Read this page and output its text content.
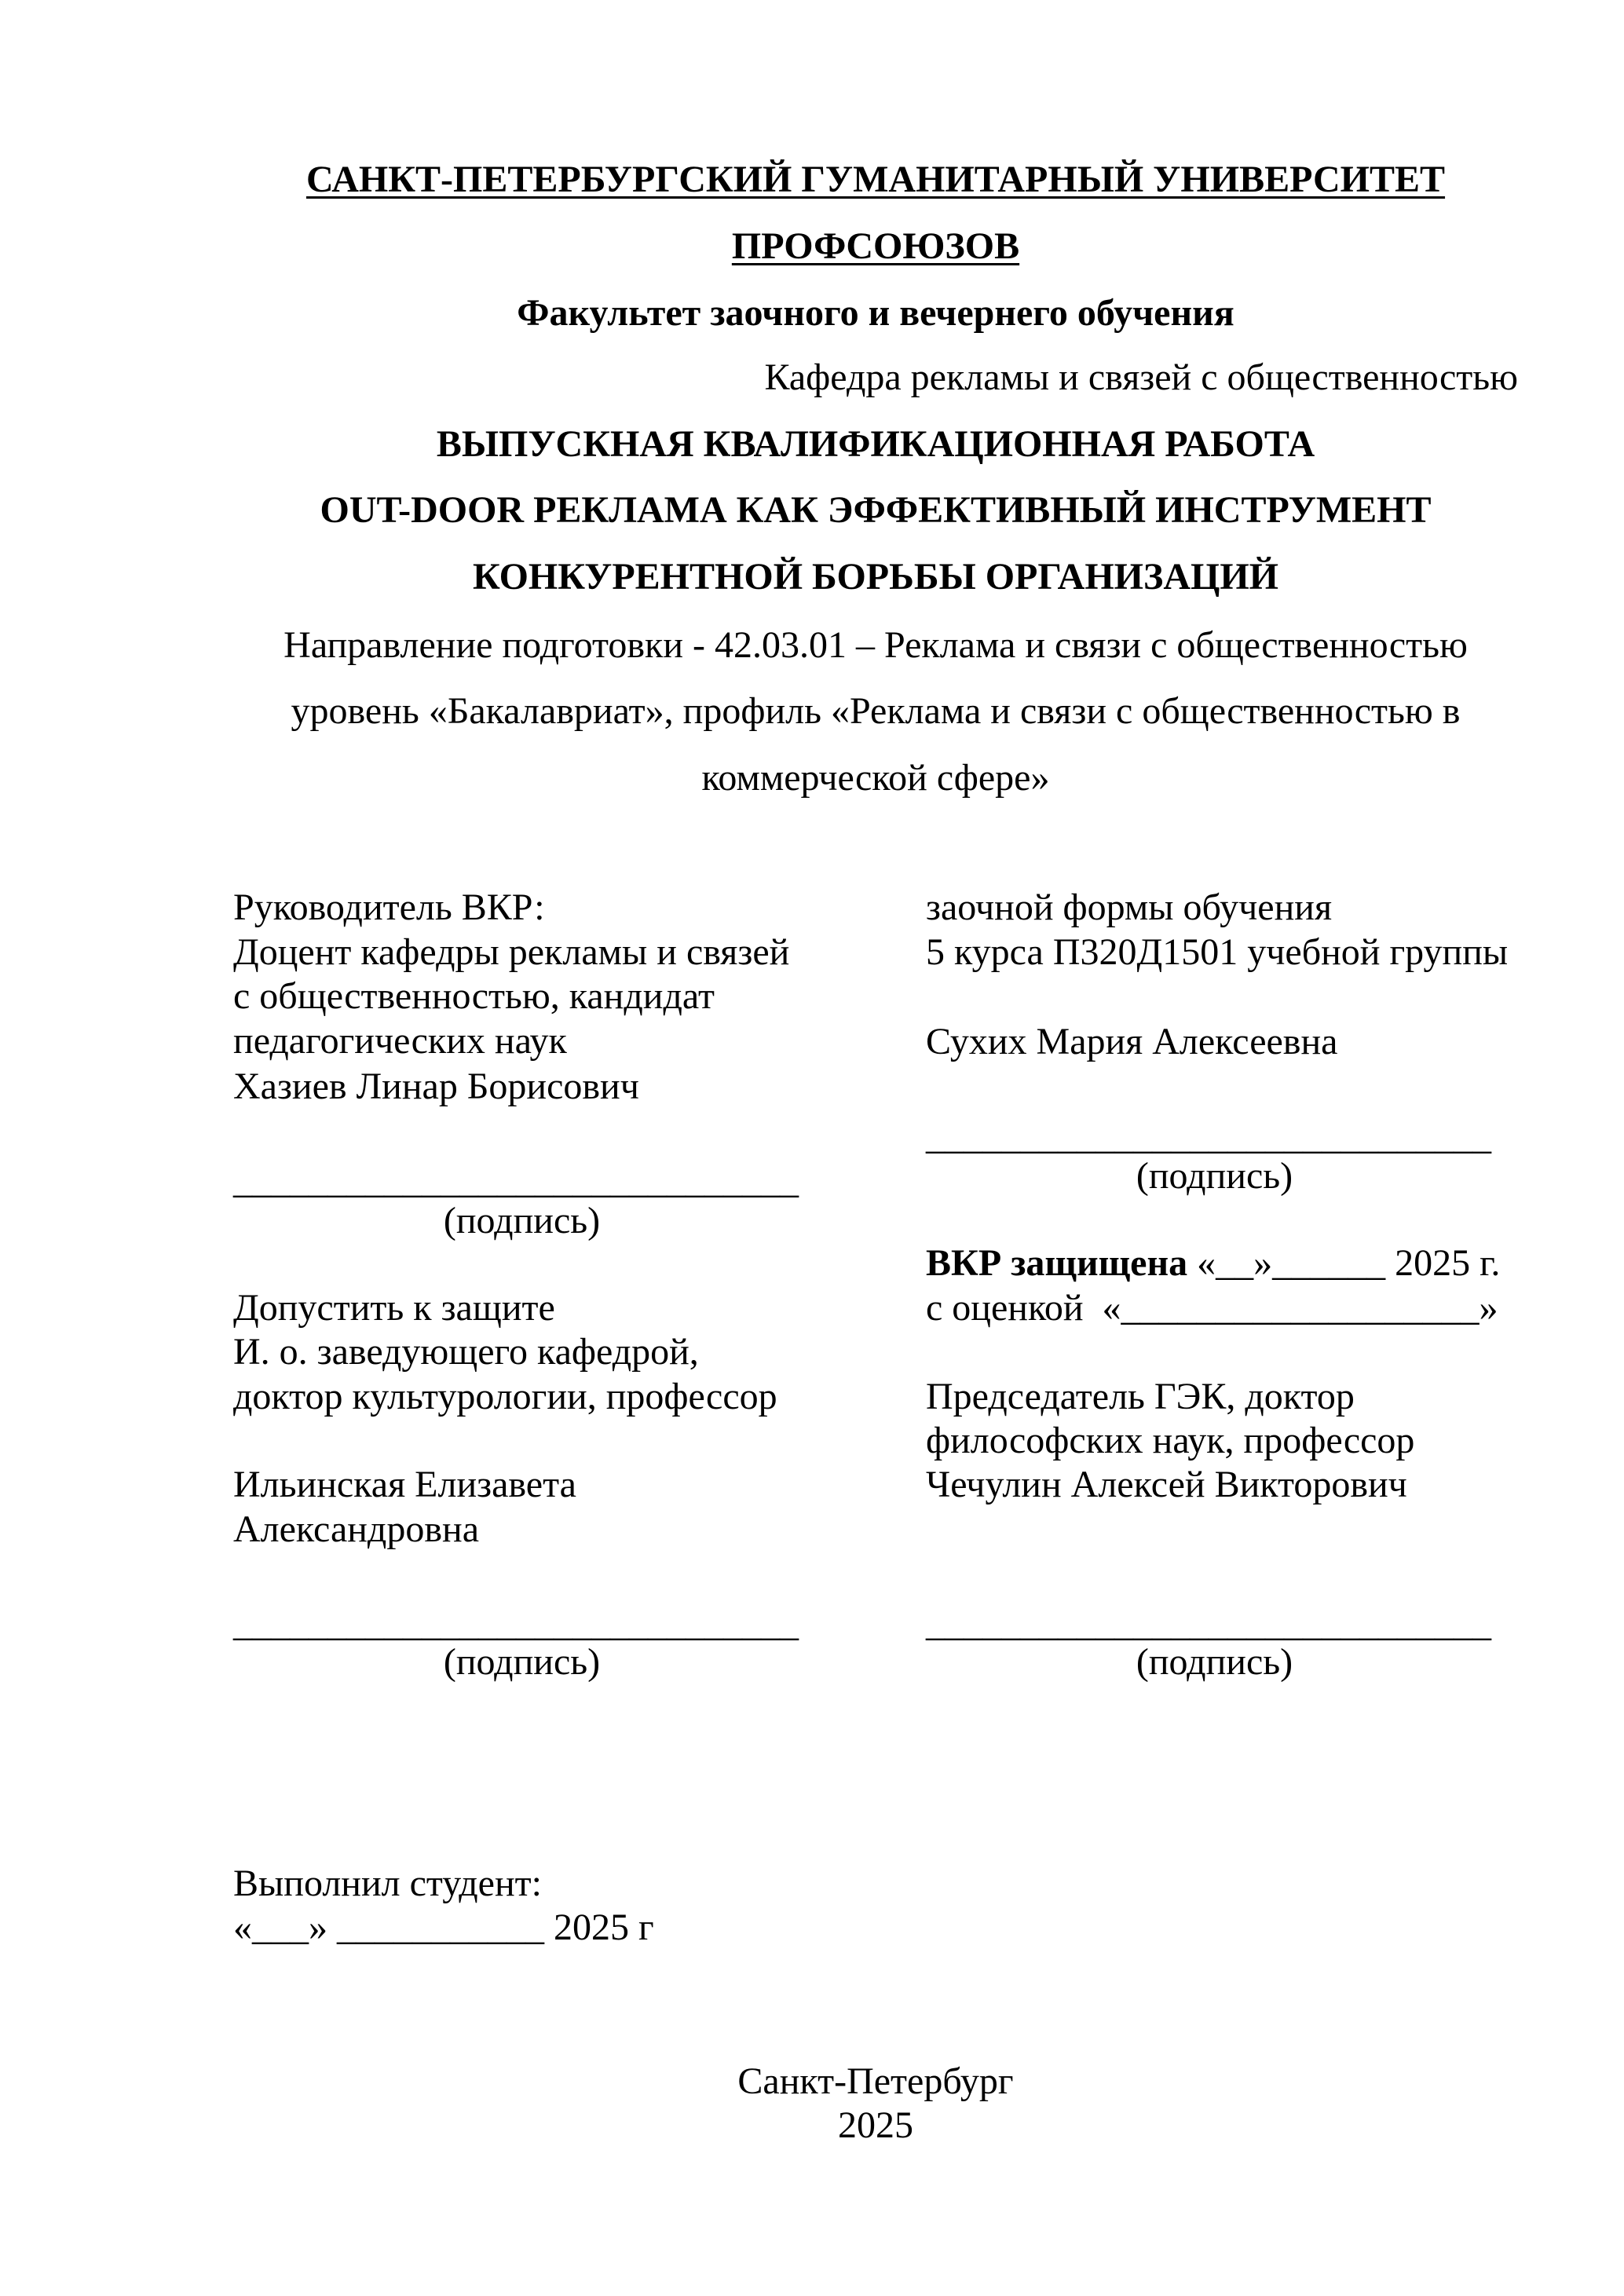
САНКТ-ПЕТЕРБУРГСКИЙ ГУМАНИТАРНЫЙ УНИВЕРСИТЕТ
ПРОФСОЮЗОВ
Факультет заочного и вечернего обучения
Кафедра рекламы и связей с общественностью
ВЫПУСКНАЯ КВАЛИФИКАЦИОННАЯ РАБОТА
OUT-DOOR РЕКЛАМА КАК ЭФФЕКТИВНЫЙ ИНСТРУМЕНТ
КОНКУРЕНТНОЙ БОРЬБЫ ОРГАНИЗАЦИЙ
Направление подготовки - 42.03.01 – Реклама и связи с общественностью
уровень «Бакалавриат», профиль «Реклама и связи с общественностью в
коммерческой сфере»
Руководитель ВКР:
Доцент кафедры рекламы и связей
с общественностью, кандидат
педагогических наук
Хазиев Линар Борисович
______________________________
(подпись)
Допустить к защите
И. о. заведующего кафедрой,
доктор культурологии, профессор
Ильинская Елизавета
Александровна
______________________________
(подпись)
заочной формы обучения
5 курса П320Д1501 учебной группы
Сухих Мария Алексеевна
______________________________
(подпись)
ВКР защищена «__»______ 2025 г.
с оценкой  «___________________»
Председатель ГЭК, доктор
философских наук, профессор
Чечулин Алексей Викторович
______________________________
(подпись)
Выполнил студент:
«___» ___________ 2025 г
Санкт-Петербург
2025
